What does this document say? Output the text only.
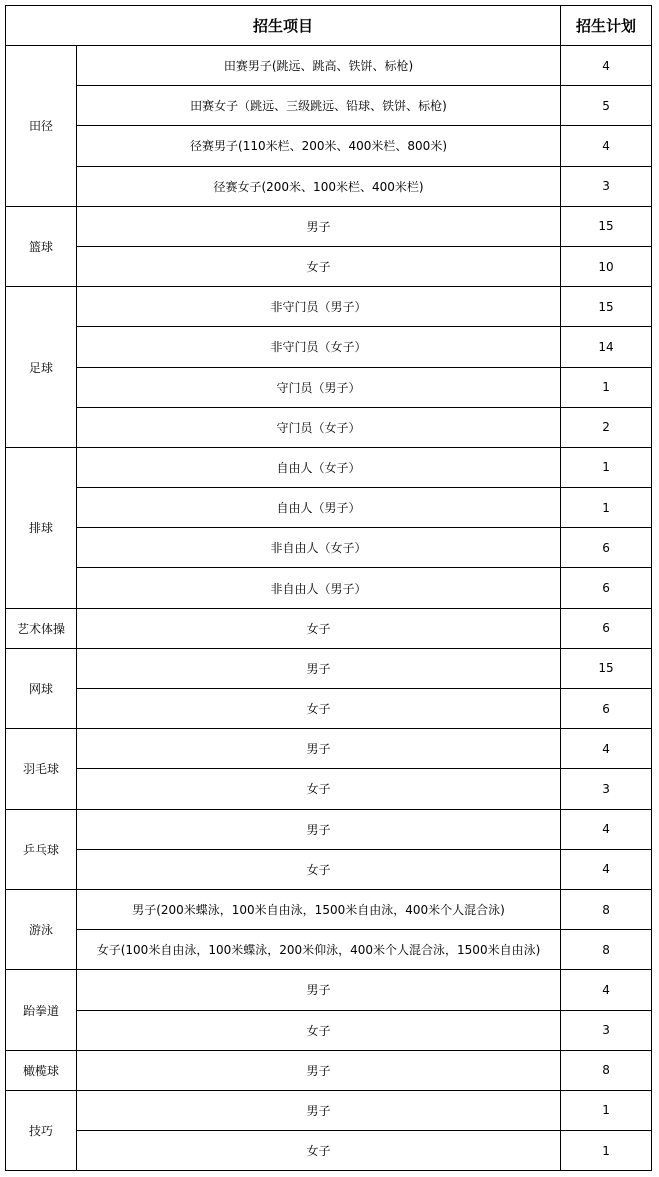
招生项目		招生计划
田径	田赛男子(跳远、跳高、铁饼、标枪)	4
	田赛女子（跳远、三级跳远、铅球、铁饼、标枪)	5
	径赛男子(110米栏、200米、400米栏、800米)	4
	径赛女子(200米、100米栏、400米栏)	3
篮球	男子	15
	女子	10
足球	非守门员（男子）	15
	非守门员（女子）	14
	守门员（男子）	1
	守门员（女子）	2
排球	自由人（女子）	1
	自由人（男子）	1
	非自由人（女子）	6
	非自由人（男子）	6
艺术体操	女子	6
网球	男子	15
	女子	6
羽毛球	男子	4
	女子	3
乒乓球	男子	4
	女子	4
游泳	男子(200米蝶泳，100米自由泳，1500米自由泳，400米个人混合泳)	8
	女子(100米自由泳，100米蝶泳，200米仰泳，400米个人混合泳，1500米自由泳)	8
跆拳道	男子	4
	女子	3
橄榄球	男子	8
技巧	男子	1
	女子	1
